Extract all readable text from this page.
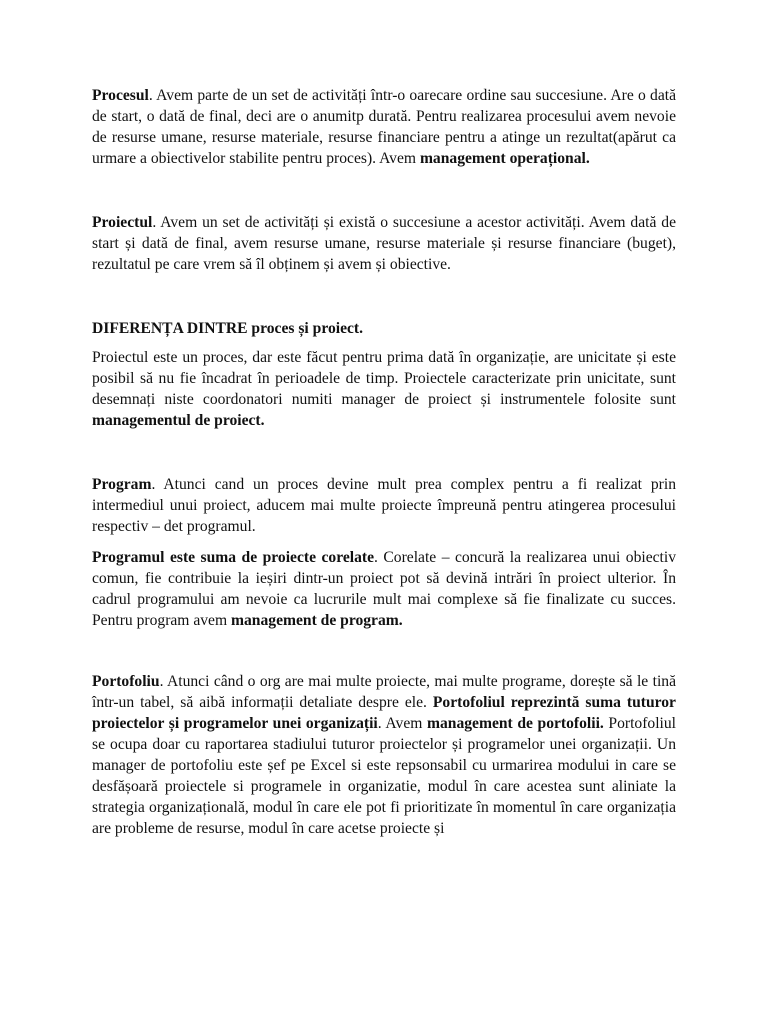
Procesul. Avem parte de un set de activități într-o oarecare ordine sau succesiune. Are o dată de start, o dată de final, deci are o anumitp durată. Pentru realizarea procesului avem nevoie de resurse umane, resurse materiale, resurse financiare pentru a atinge un rezultat(apărut ca urmare a obiectivelor stabilite pentru proces). Avem management operațional.

Proiectul. Avem un set de activități și există o succesiune a acestor activități. Avem dată de start și dată de final, avem resurse umane, resurse materiale și resurse financiare (buget), rezultatul pe care vrem să îl obținem și avem și obiective.

DIFERENȚA DINTRE proces și proiect.

Proiectul este un proces, dar este făcut pentru prima dată în organizație, are unicitate și este posibil să nu fie încadrat în perioadele de timp. Proiectele caracterizate prin unicitate, sunt desemnați niste coordonatori numiti manager de proiect și instrumentele folosite sunt managementul de proiect.

Program. Atunci cand un proces devine mult prea complex pentru a fi realizat prin intermediul unui proiect, aducem mai multe proiecte împreună pentru atingerea procesului respectiv – det programul.

Programul este suma de proiecte corelate. Corelate – concură la realizarea unui obiectiv comun, fie contribuie la ieșiri dintr-un proiect pot să devină intrări în proiect ulterior. În cadrul programului am nevoie ca lucrurile mult mai complexe să fie finalizate cu succes. Pentru program avem management de program.

Portofoliu. Atunci când o org are mai multe proiecte, mai multe programe, dorește să le tină într-un tabel, să aibă informații detaliate despre ele. Portofoliul reprezintă suma tuturor proiectelor și programelor unei organizații. Avem management de portofolii. Portofoliul se ocupa doar cu raportarea stadiului tuturor proiectelor și programelor unei organizații. Un manager de portofoliu este șef pe Excel si este repsonsabil cu urmarirea modului in care se desfășoară proiectele si programele in organizatie, modul în care acestea sunt aliniate la strategia organizațională, modul în care ele pot fi prioritizate în momentul în care organizația are probleme de resurse, modul în care acetse proiecte și
